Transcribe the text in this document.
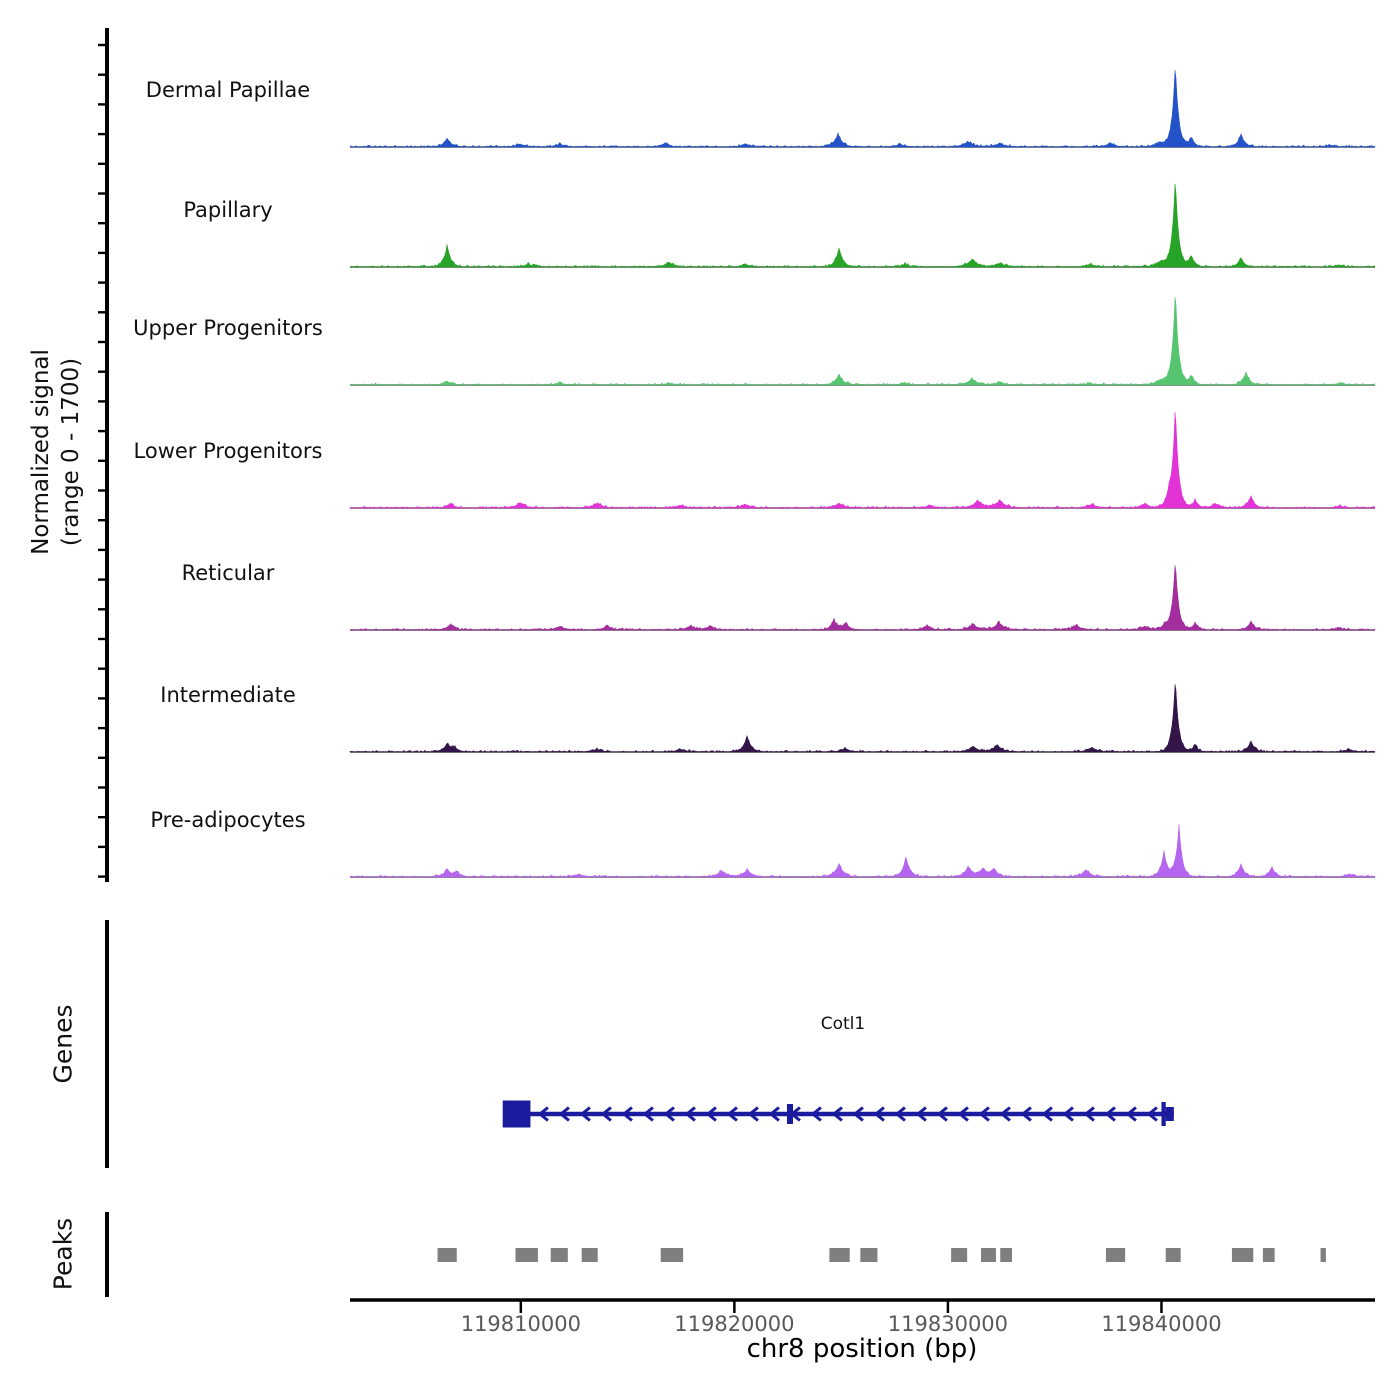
Normalized signal (range 0 - 1700)
Genes
Peaks
Cotl1
chr8 position (bp)
Dermal Papillae
Papillary
Upper Progenitors
Lower Progenitors
Reticular
Intermediate
Pre-adipocytes
119810000	119820000	119830000	119840000
